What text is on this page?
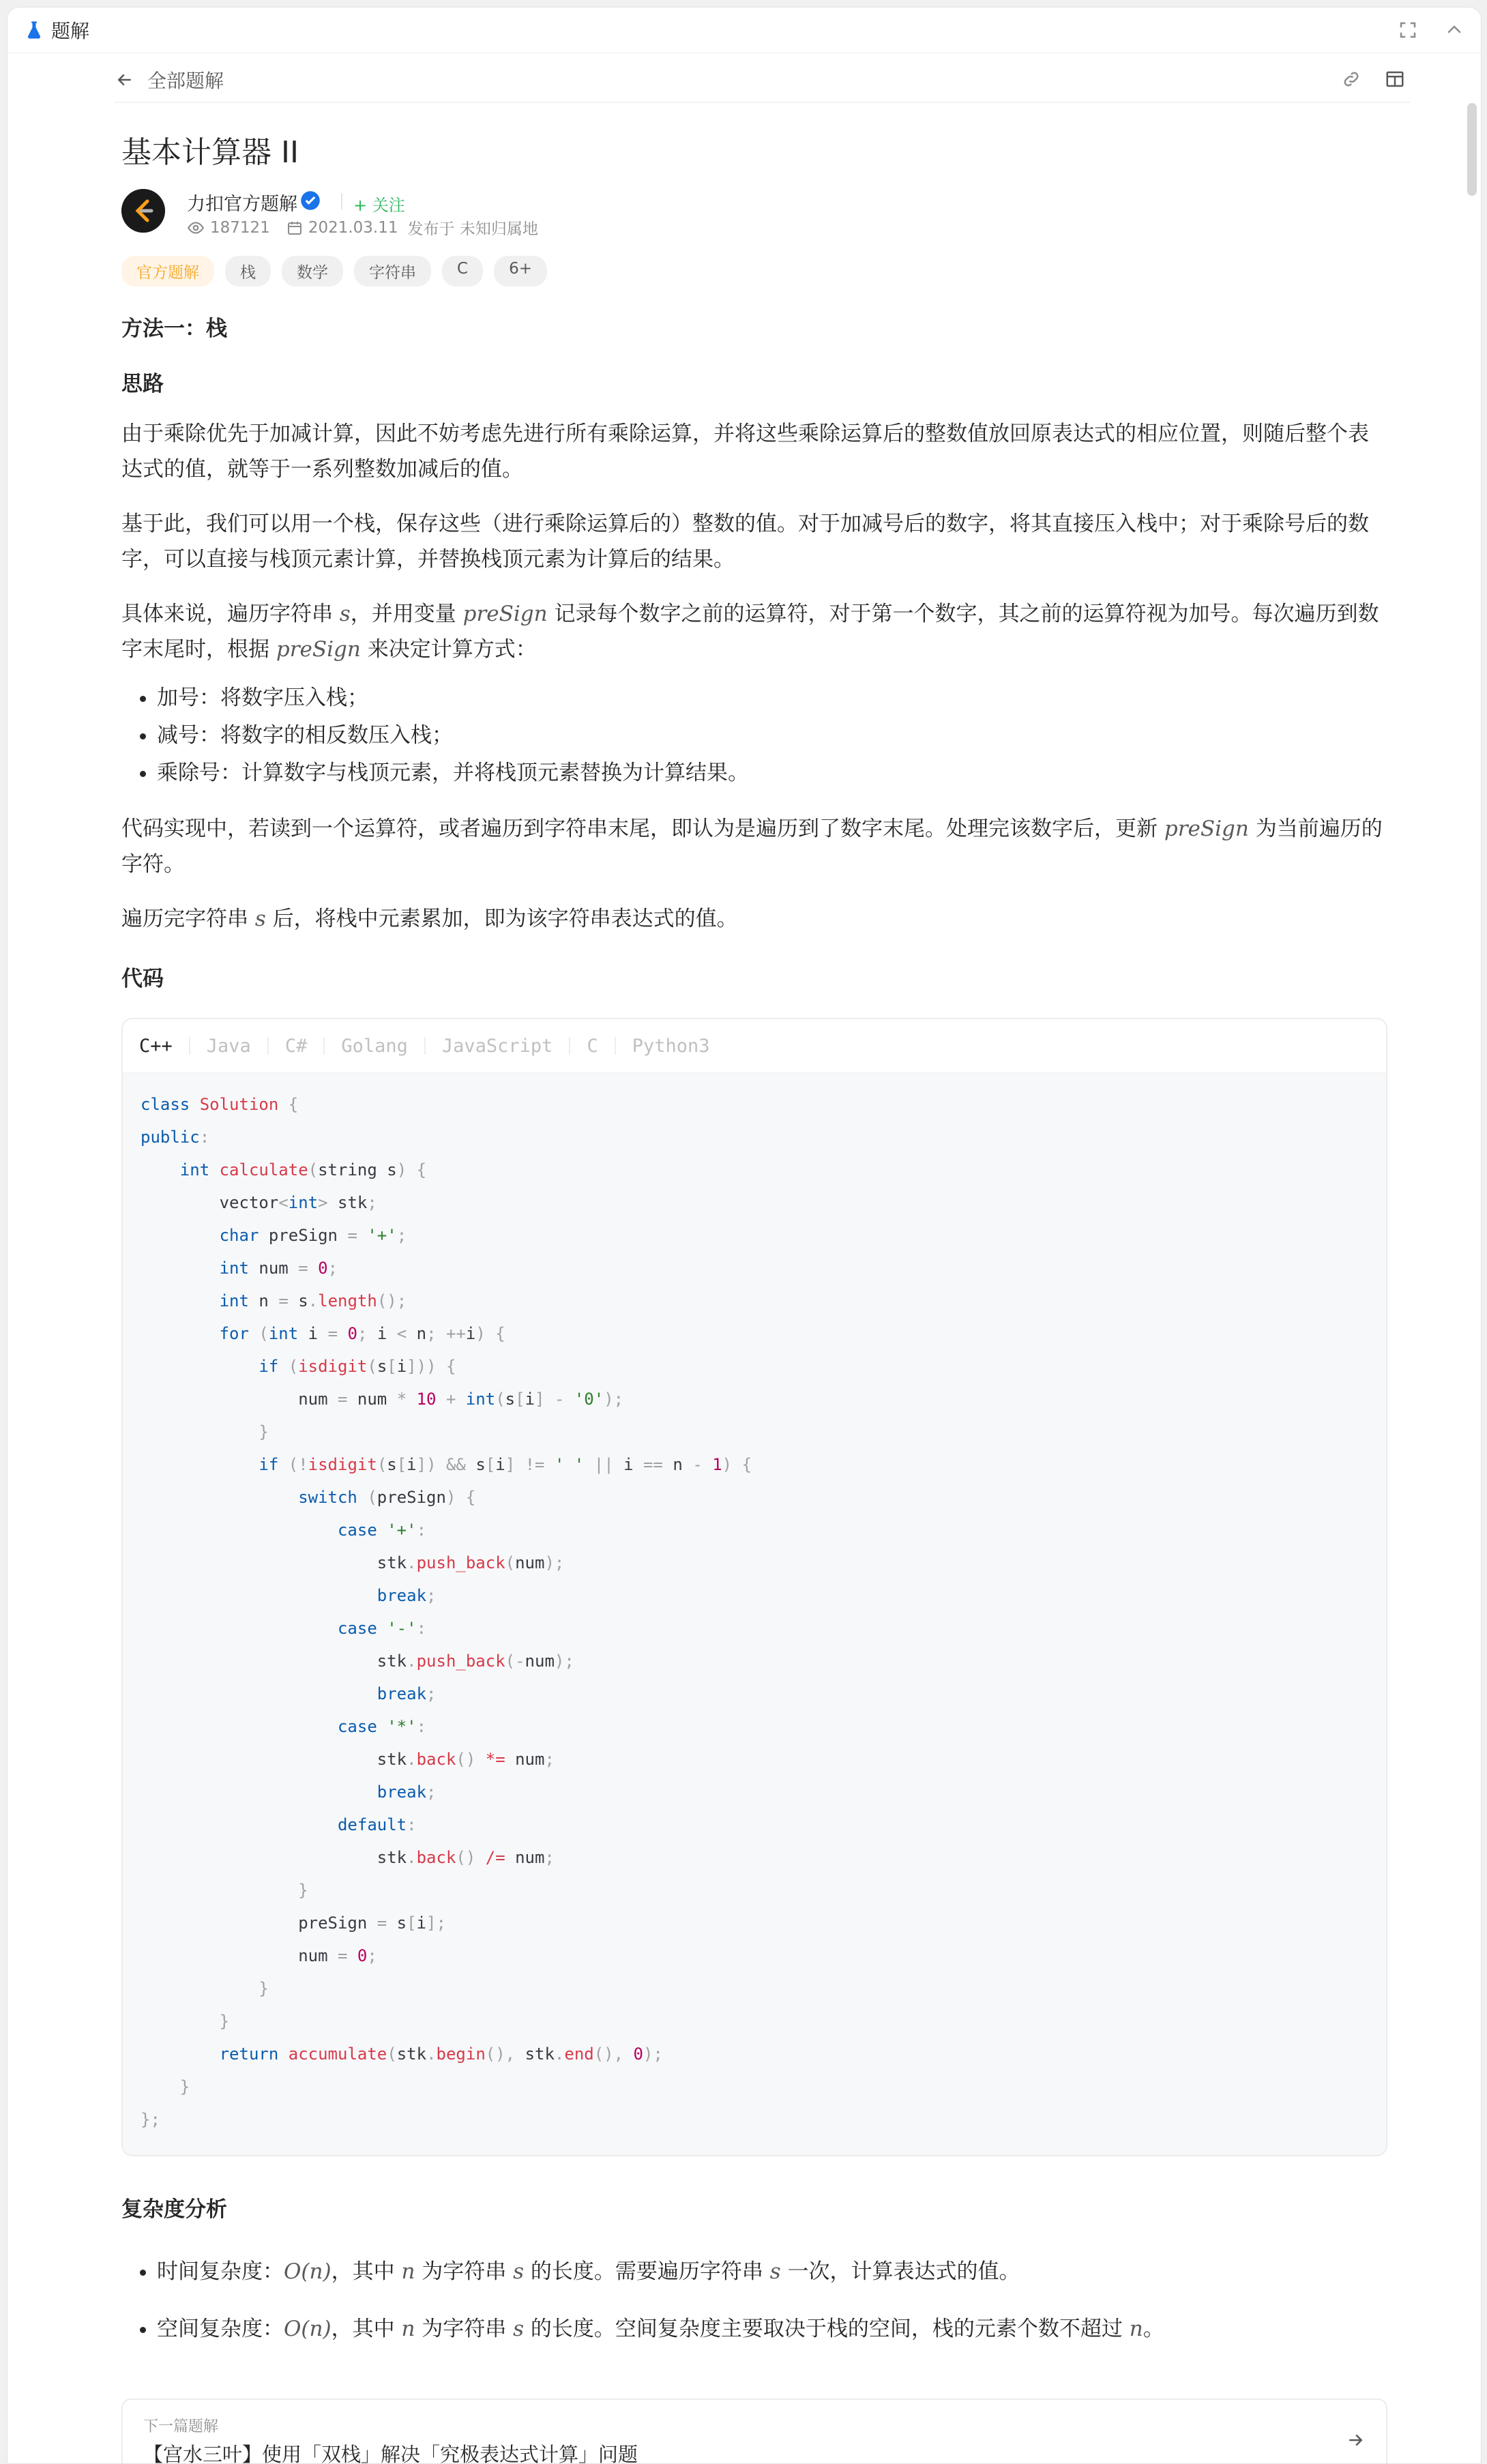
题解
全部题解
基本计算器 II
力扣官方题解	+ 关注
187121 2021.03.11 发布于 未知归属地
官方题解	栈	数学	字符串	C	6+
方法一：栈
思路

由于乘除优先于加减计算，因此不妨考虑先进行所有乘除运算，并将这些乘除运算后的整数值放回原表达式的相应位置，则随后整个表达式的值，就等于一系列整数加减后的值。

基于此，我们可以用一个栈，保存这些（进行乘除运算后的）整数的值。对于加减号后的数字，将其直接压入栈中；对于乘除号后的数字，可以直接与栈顶元素计算，并替换栈顶元素为计算后的结果。

具体来说，遍历字符串 s，并用变量 preSign 记录每个数字之前的运算符，对于第一个数字，其之前的运算符视为加号。每次遍历到数字末尾时，根据 preSign 来决定计算方式：

• 加号：将数字压入栈；
• 减号：将数字的相反数压入栈；
• 乘除号：计算数字与栈顶元素，并将栈顶元素替换为计算结果。

代码实现中，若读到一个运算符，或者遍历到字符串末尾，即认为是遍历到了数字末尾。处理完该数字后，更新 preSign 为当前遍历的字符。

遍历完字符串 s 后，将栈中元素累加，即为该字符串表达式的值。

代码
C++ Java C# Golang JavaScript C Python3
class Solution {
public:
int calculate(string s) {
vector<int> stk;
char preSign = '+';
int num = 0;
int n = s.length();
for (int i = 0; i < n; ++i) {
if (isdigit(s[i])) {
num = num * 10 + int(s[i] - '0');
}
if (!isdigit(s[i]) && s[i] != ' ' || i == n - 1) {
switch (preSign) {
case '+':
stk.push_back(num);
break;
case '-':
stk.push_back(-num);
break;
case '*':
stk.back() *= num;
break;
default:
stk.back() /= num;
}
preSign = s[i];
num = 0;
}
}
return accumulate(stk.begin(), stk.end(), 0);
}
};
复杂度分析
• 时间复杂度：O(n)，其中 n 为字符串 s 的长度。需要遍历字符串 s 一次，计算表达式的值。
• 空间复杂度：O(n)，其中 n 为字符串 s 的长度。空间复杂度主要取决于栈的空间，栈的元素个数不超过 n。
下一篇题解
【宫水三叶】使用「双栈」解决「究极表达式计算」问题
